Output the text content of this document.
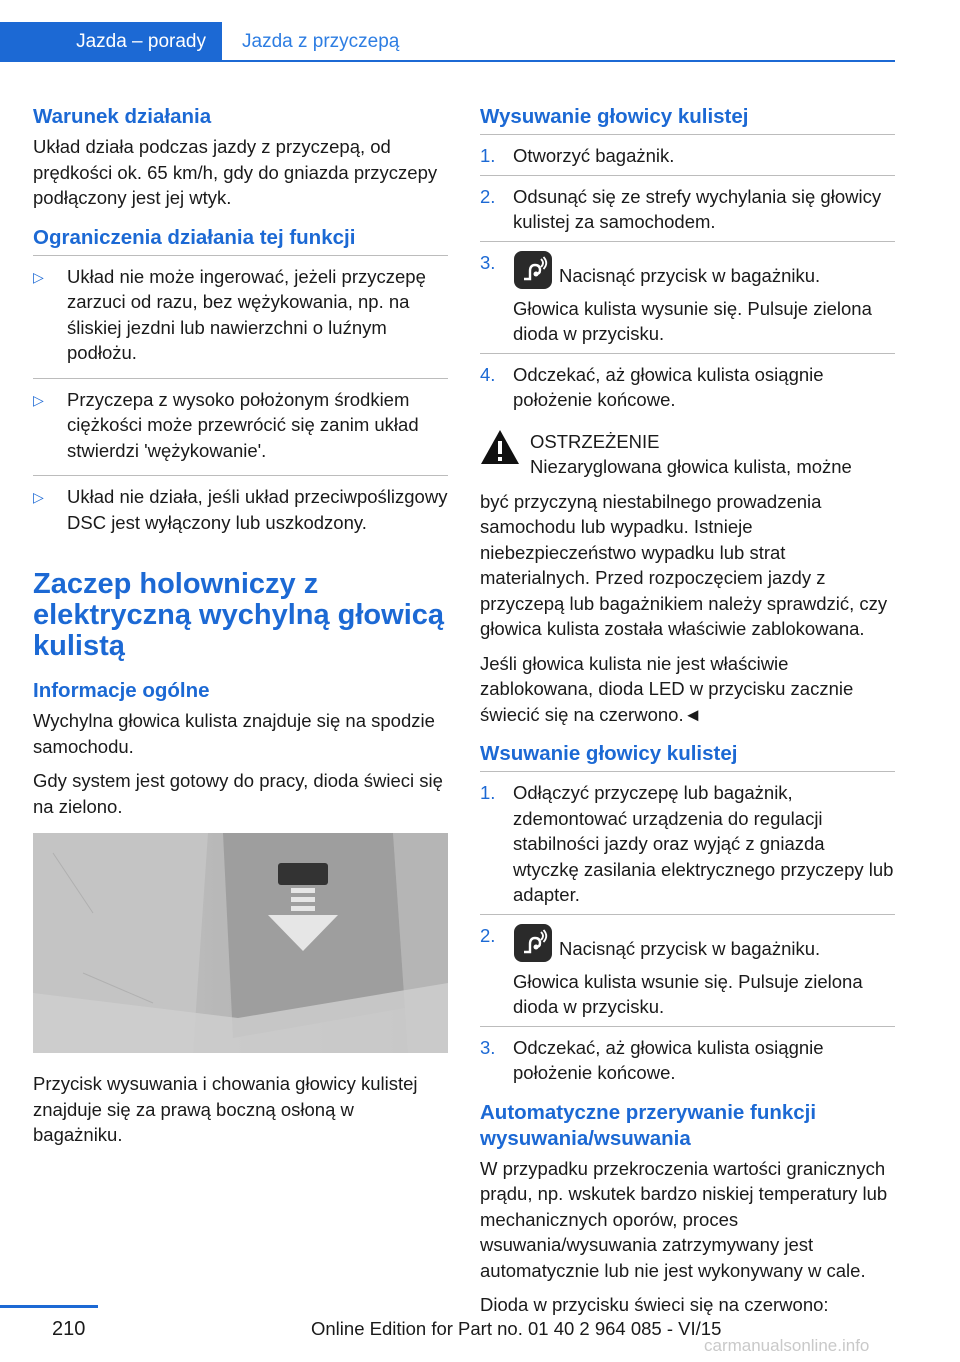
Jazda – porady	Jazda z przyczepą
Warunek działania

Układ działa podczas jazdy z przyczepą, od prędkości ok. 65 km/h, gdy do gniazda przyczepy podłączony jest jej wtyk.

Ograniczenia działania tej funkcji
▷ Układ nie może ingerować, jeżeli przyczepę zarzuci od razu, bez wężykowania, np. na śliskiej jezdni lub nawierzchni o luźnym podłożu.
▷ Przyczepa z wysoko położonym środkiem ciężkości może przewrócić się zanim układ stwierdzi 'wężykowanie'.
▷ Układ nie działa, jeśli układ przeciwpoślizgowy DSC jest wyłączony lub uszkodzony.
Zaczep holowniczy z elektryczną wychylną głowicą kulistą
Informacje ogólne

Wychylna głowica kulista znajduje się na spodzie samochodu.

Gdy system jest gotowy do pracy, dioda świeci się na zielono.

Przycisk wysuwania i chowania głowicy kulistej znajduje się za prawą boczną osłoną w bagażniku.

Wysuwanie głowicy kulistej
1. Otworzyć bagażnik.
2. Odsunąć się ze strefy wychylania się głowicy kulistej za samochodem.
3.
Nacisnąć przycisk w bagażniku.
Głowica kulista wysunie się. Pulsuje zielona dioda w przycisku.
4. Odczekać, aż głowica kulista osiągnie położenie końcowe.
OSTRZEŻENIE
Niezaryglowana głowica kulista, możne

być przyczyną niestabilnego prowadzenia samochodu lub wypadku. Istnieje niebezpieczeństwo wypadku lub strat materialnych. Przed rozpoczęciem jazdy z przyczepą lub bagażnikiem należy sprawdzić, czy głowica kulista została właściwie zablokowana.

Jeśli głowica kulista nie jest właściwie zablokowana, dioda LED w przycisku zacznie świecić się na czerwono.◄

Wsuwanie głowicy kulistej
1. Odłączyć przyczepę lub bagażnik, zdemontować urządzenia do regulacji stabilności jazdy oraz wyjąć z gniazda wtyczkę zasilania elektrycznego przyczepy lub adapter.
2.
Nacisnąć przycisk w bagażniku.
Głowica kulista wsunie się. Pulsuje zielona dioda w przycisku.
3. Odczekać, aż głowica kulista osiągnie położenie końcowe.
Automatyczne przerywanie funkcji wysuwania/wsuwania

W przypadku przekroczenia wartości granicznych prądu, np. wskutek bardzo niskiej temperatury lub mechanicznych oporów, proces wsuwania/wysuwania zatrzymywany jest automatycznie lub nie jest wykonywany w cale.

Dioda w przycisku świeci się na czerwono:

210	Online Edition for Part no. 01 40 2 964 085 - VI/15
carmanualsonline.info
